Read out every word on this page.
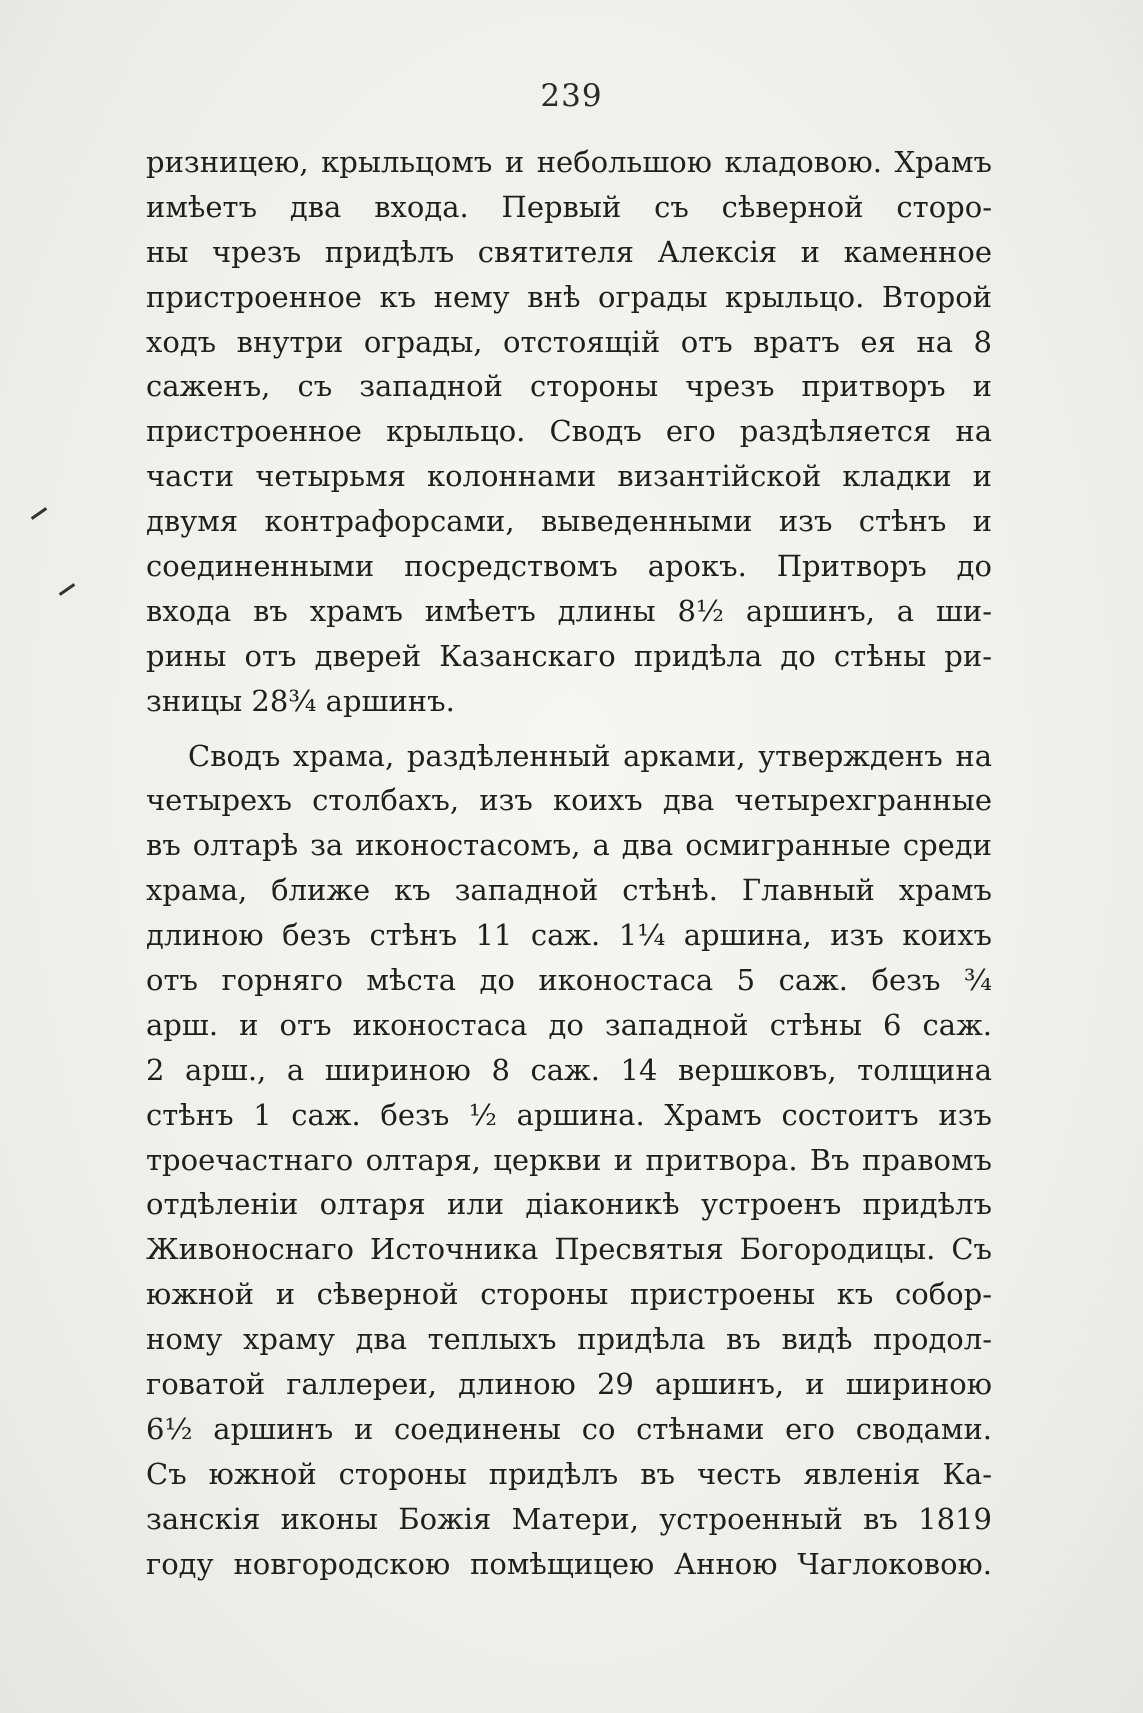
239
ризницею, крыльцомъ и небольшою кладовою. Храмъ
имѣетъ два входа. Первый съ сѣверной сторо-
ны чрезъ придѣлъ святителя Алексія и каменное
пристроенное къ нему внѣ ограды крыльцо. Второй
ходъ внутри ограды, отстоящій отъ вратъ ея на 8
саженъ, съ западной стороны чрезъ притворъ и
пристроенное крыльцо. Сводъ его раздѣляется на
части четырьмя колоннами византійской кладки и
двумя контрафорсами, выведенными изъ стѣнъ и
соединенными посредствомъ арокъ. Притворъ до
входа въ храмъ имѣетъ длины 8½ аршинъ, а ши-
рины отъ дверей Казанскаго придѣла до стѣны ри-
зницы 28¾ аршинъ.
Сводъ храма, раздѣленный арками, утвержденъ на
четырехъ столбахъ, изъ коихъ два четырехгранные
въ олтарѣ за иконостасомъ, а два осмигранные среди
храма, ближе къ западной стѣнѣ. Главный храмъ
длиною безъ стѣнъ 11 саж. 1¼ аршина, изъ коихъ
отъ горняго мѣста до иконостаса 5 саж. безъ ¾
арш. и отъ иконостаса до западной стѣны 6 саж.
2 арш., а шириною 8 саж. 14 вершковъ, толщина
стѣнъ 1 саж. безъ ½ аршина. Храмъ состоитъ изъ
троечастнаго олтаря, церкви и притвора. Въ правомъ
отдѣленіи олтаря или діаконикѣ устроенъ придѣлъ
Живоноснаго Источника Пресвятыя Богородицы. Съ
южной и сѣверной стороны пристроены къ собор-
ному храму два теплыхъ придѣла въ видѣ продол-
говатой галлереи, длиною 29 аршинъ, и шириною
6½ аршинъ и соединены со стѣнами его сводами.
Съ южной стороны придѣлъ въ честь явленія Ка-
занскія иконы Божія Матери, устроенный въ 1819
году новгородскою помѣщицею Анною Чаглоковою.
